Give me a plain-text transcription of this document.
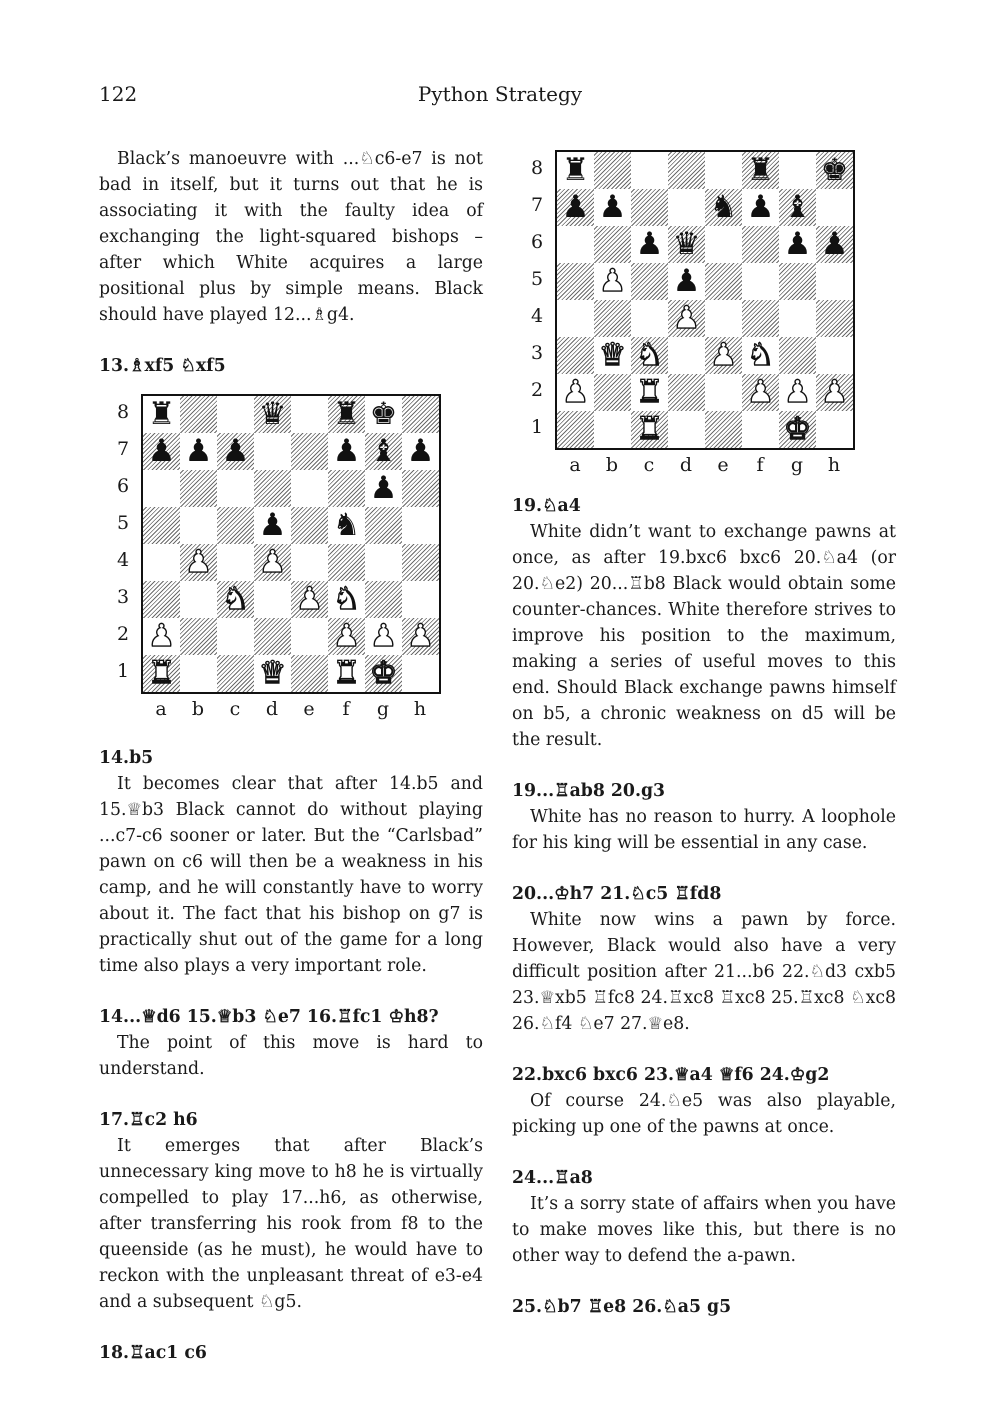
122	Python Strategy
♜	♜ ♚
♟ ♟	♞ ♟ ♝
♟ ♛	♟ ♟
♟ ♟
♟
♛ ♞ ♟ ♞
♟ ♜	♟ ♟ ♟
♜	♚
8
7
6
5
4
3
2
1
a b c d e	f	g h

Black’s manoeuvre with ...♘c6-e7 is not bad in itself, but it turns out that he is associating it with the faulty idea of exchanging the light-squared bishops – after which White acquires a large positional plus by simple means. Black should have played 12...♗g4.

13.♗xf5 ♘xf5
♜	♛ ♜ ♚
♟ ♟ ♟	♟ ♝ ♟
♟
♟ ♞
♟ ♟
♞ ♟ ♞
♟	♟ ♟ ♟
♜	♛ ♜ ♚
8
7
6
5
4
3
2
1
a b c d e	f	g h
14.b5

It becomes clear that after 14.b5 and 15.♕b3 Black cannot do without playing ...c7-c6 sooner or later. But the “Carlsbad” pawn on c6 will then be a weakness in his camp, and he will constantly have to worry about it. The fact that his bishop on g7 is practically shut out of the game for a long time also plays a very important role.

14...♕d6 15.♕b3 ♘e7 16.♖fc1 ♔h8?

The point of this move is hard to understand.

17.♖c2 h6

It emerges that after Black’s unnecessary king move to h8 he is virtually compelled to play 17...h6, as otherwise, after transferring his rook from f8 to the queenside (as he must), he would have to reckon with the unpleasant threat of e3-e4 and a subsequent ♘g5.

18.♖ac1 c6
19.♘a4

White didn’t want to exchange pawns at once, as after 19.bxc6 bxc6 20.♘a4 (or 20.♘e2) 20...♖b8 Black would obtain some counter-chances. White therefore strives to improve his position to the maximum, making a series of useful moves to this end. Should Black exchange pawns himself on b5, a chronic weakness on d5 will be the result.

19...♖ab8 20.g3

White has no reason to hurry. A loophole for his king will be essential in any case.

20...♔h7 21.♘c5 ♖fd8

White now wins a pawn by force. However, Black would also have a very difficult position after 21...b6 22.♘d3 cxb5 23.♕xb5 ♖fc8 24.♖xc8 ♖xc8 25.♖xc8 ♘xc8 26.♘f4 ♘e7 27.♕e8.

22.bxc6 bxc6 23.♕a4 ♕f6 24.♔g2

Of course 24.♘e5 was also playable, picking up one of the pawns at once.

24...♖a8

It’s a sorry state of affairs when you have to make moves like this, but there is no other way to defend the a-pawn.

25.♘b7 ♖e8 26.♘a5 g5
